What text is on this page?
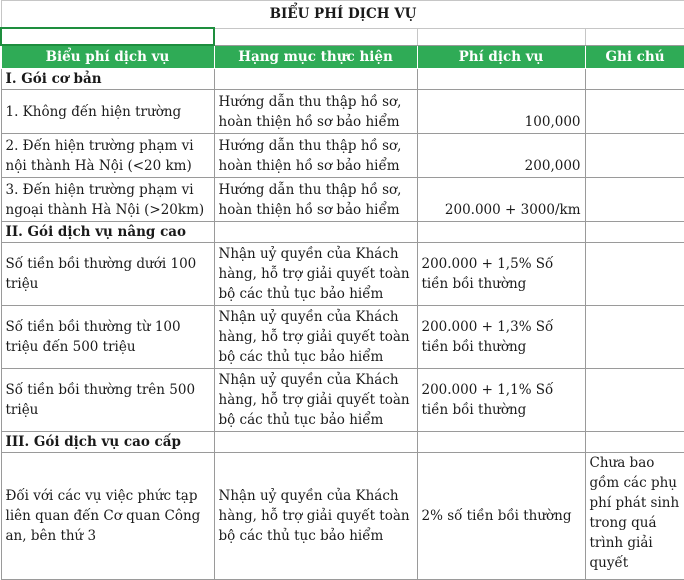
BIỂU PHÍ DỊCH VỤ			

Biểu phí dịch vụ	Hạng mục thực hiện	Phí dịch vụ	Ghi chú
I. Gói cơ bản			
1. Không đến hiện trường	Hướng dẫn thu thập hồ sơ, hoàn thiện hồ sơ bảo hiểm	100,000	
2. Đến hiện trường phạm vi nội thành Hà Nội (<20 km)	Hướng dẫn thu thập hồ sơ, hoàn thiện hồ sơ bảo hiểm	200,000	
3. Đến hiện trường phạm vi ngoại thành Hà Nội (>20km)	Hướng dẫn thu thập hồ sơ, hoàn thiện hồ sơ bảo hiểm	200.000 + 3000/km	
II. Gói dịch vụ nâng cao			
Số tiền bồi thường dưới 100 triệu	Nhận uỷ quyền của Khách hàng, hỗ trợ giải quyết toàn bộ các thủ tục bảo hiểm	200.000 + 1,5% Số tiền bồi thường	
Số tiền bồi thường từ 100 triệu đến 500 triệu	Nhận uỷ quyền của Khách hàng, hỗ trợ giải quyết toàn bộ các thủ tục bảo hiểm	200.000 + 1,3% Số tiền bồi thường	
Số tiền bồi thường trên 500 triệu	Nhận uỷ quyền của Khách hàng, hỗ trợ giải quyết toàn bộ các thủ tục bảo hiểm	200.000 + 1,1% Số tiền bồi thường	
III. Gói dịch vụ cao cấp			
Đối với các vụ việc phức tạp liên quan đến Cơ quan Công an, bên thứ 3	Nhận uỷ quyền của Khách hàng, hỗ trợ giải quyết toàn bộ các thủ tục bảo hiểm	2% số tiền bồi thường	Chưa bao gồm các phụ phí phát sinh trong quá trình giải quyết
